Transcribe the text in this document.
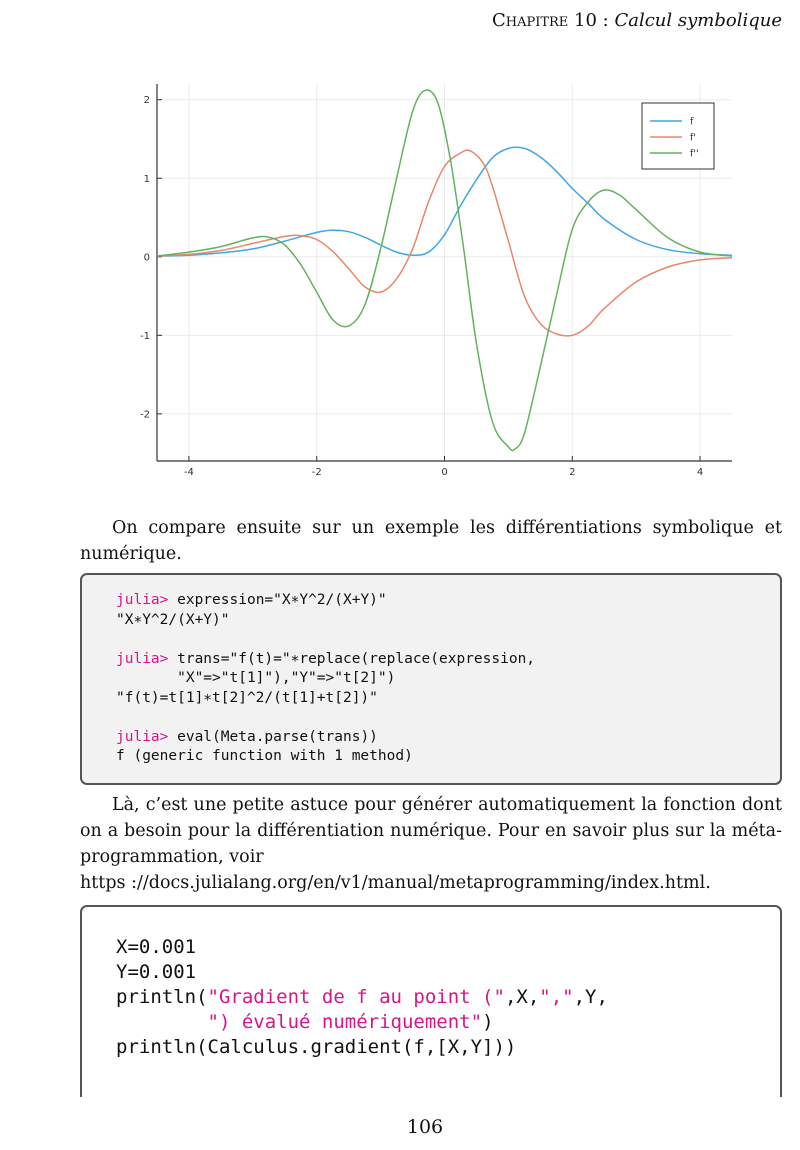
Chapitre 10 : Calcul symbolique
-4	-2	0	2	4
-2
-1
0
1
2
f
f'
f''
On compare ensuite sur un exemple les différentiations symbolique et numérique.
julia> expression="X∗Y^2/(X+Y)"
"X∗Y^2/(X+Y)"

julia> trans="f(t)="∗replace(replace(expression,
"X"=>"t[1]"),"Y"=>"t[2]")
"f(t)=t[1]∗t[2]^2/(t[1]+t[2])"

julia> eval(Meta.parse(trans))
f (generic function with 1 method)
Là, c’est une petite astuce pour générer automatiquement la fonction dont on a besoin pour la différentiation numérique. Pour en savoir plus sur la méta-programmation, voir
https ://docs.julialang.org/en/v1/manual/metaprogramming/index.html.
X=0.001
Y=0.001
println("Gradient de f au point (",X,",",Y,
") évalué numériquement")
println(Calculus.gradient(f,[X,Y]))
106
